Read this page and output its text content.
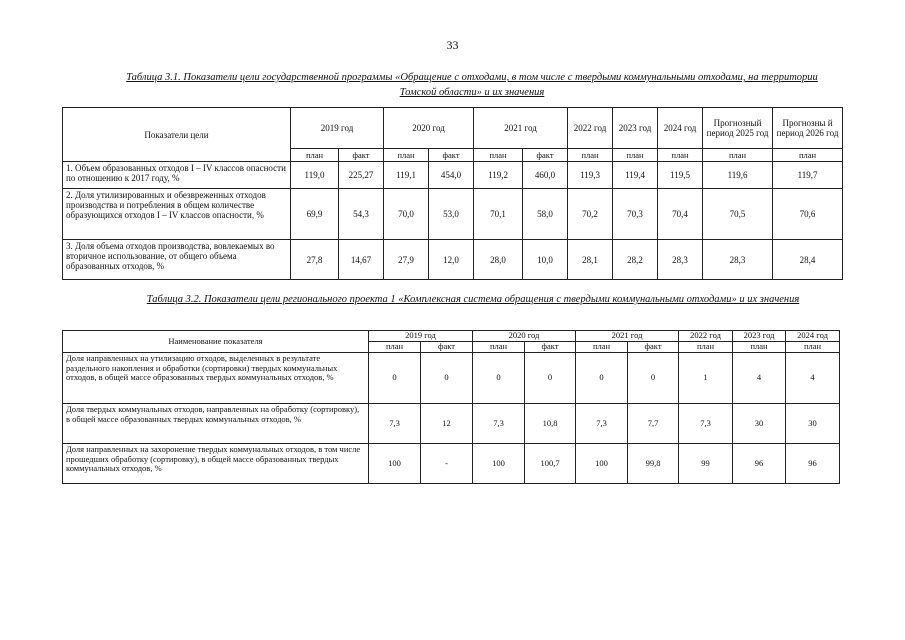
33
Таблица 3.1. Показатели цели государственной программы «Обращение с отходами, в том числе с твердыми коммунальными отходами, на территории Томской области» и их значения
Показатели цели	2019 год		2020 год		2021 год		2022 год	2023 год	2024 год	Прогнозный период 2025 год	Прогнозны й период 2026 год
	план	факт	план	факт	план	факт	план	план	план	план	план
1. Объем образованных отходов I – IV классов опасности по отношению к 2017 году, %	119,0	225,27	119,1	454,0	119,2	460,0	119,3	119,4	119,5	119,6	119,7
2. Доля утилизированных и обезвреженных отходов производства и потребления в общем количестве образующихся отходов I – IV классов опасности, %	69,9	54,3	70,0	53,0	70,1	58,0	70,2	70,3	70,4	70,5	70,6
3. Доля объема отходов производства, вовлекаемых во вторичное использование, от общего объема образованных отходов, %	27,8	14,67	27,9	12,0	28,0	10,0	28,1	28,2	28,3	28,3	28,4
Таблица 3.2. Показатели цели регионального проекта 1 «Комплексная система обращения с твердыми коммунальными отходами» и их значения
Наименование показателя	2019 год		2020 год		2021 год		2022 год	2023 год	2024 год
	план	факт	план	факт	план	факт	план	план	план
Доля направленных на утилизацию отходов, выделенных в результате раздельного накопления и обработки (сортировки) твердых коммунальных отходов, в общей массе образованных твердых коммунальных отходов, %	0	0	0	0	0	0	1	4	4
Доля твердых коммунальных отходов, направленных на обработку (сортировку), в общей массе образованных твердых коммунальных отходов, %	7,3	12	7,3	10,8	7,3	7,7	7,3	30	30
Доля направленных на захоронение твердых коммунальных отходов, в том числе прошедших обработку (сортировку), в общей массе образованных твердых коммунальных отходов, %	100	-	100	100,7	100	99,8	99	96	96
